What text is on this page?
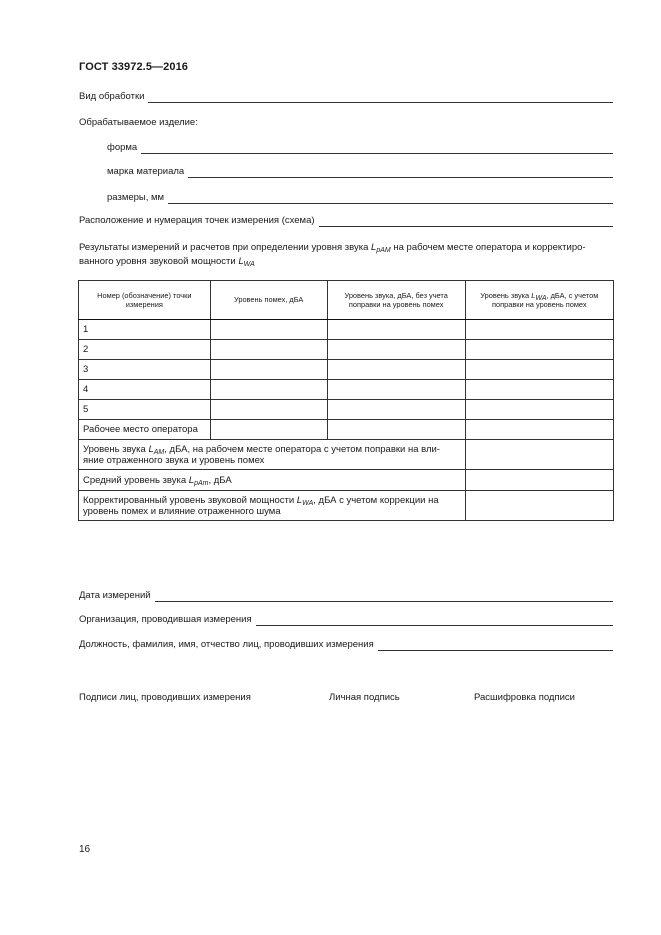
ГОСТ 33972.5—2016
Вид обработки
Обрабатываемое изделие:
форма
марка материала
размеры, мм
Расположение и нумерация точек измерения (схема)
Результаты измерений и расчетов при определении уровня звука $L_{pAM}$ на рабочем месте оператора и корректиро-ванного уровня звуковой мощности $L_{WA}$
Номер (обозначение) точки измерения	Уровень помех, дБА	Уровень звука, дБА, без учета поправки на уровень помех	Уровень звука $L_{WA}$, дБА, с учетом поправки на уровень помех
1			
2			
3			
4			
5			
Рабочее место оператора			
Уровень звука $L_{AM}$, дБА, на рабочем месте оператора с учетом поправки на вли-яние отраженного звука и уровень помех			
Средний уровень звука $L_{pAm}$, дБА			
Корректированный уровень звуковой мощности $L_{WA}$, дБА с учетом коррекции на уровень помех и влияние отраженного шума			
Дата измерений
Организация, проводившая измерения
Должность, фамилия, имя, отчество лиц, проводивших измерения
Подписи лиц, проводивших измерения	Личная подпись	Расшифровка подписи
16
